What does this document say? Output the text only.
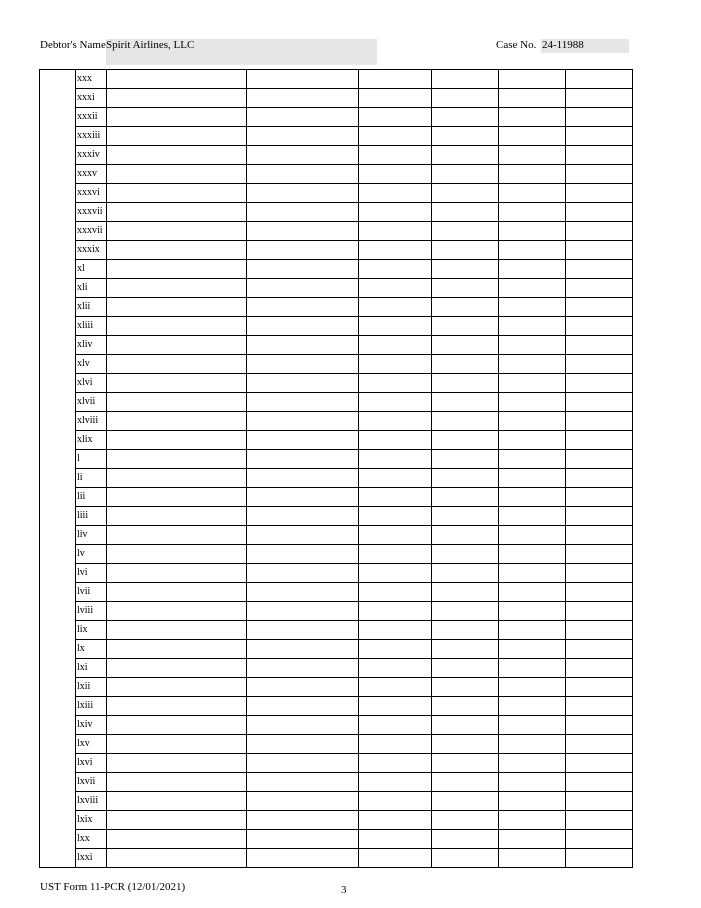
Debtor's Name Spirit Airlines, LLC	Case No. 24-11988
	xxx						
	xxxi						
	xxxii						
	xxxiii						
	xxxiv						
	xxxv						
	xxxvi						
	xxxvii						
	xxxvii						
	xxxix						
	xl						
	xli						
	xlii						
	xliii						
	xliv						
	xlv						
	xlvi						
	xlvii						
	xlviii						
	xlix						
	l						
	li						
	lii						
	liii						
	liv						
	lv						
	lvi						
	lvii						
	lviii						
	lix						
	lx						
	lxi						
	lxii						
	lxiii						
	lxiv						
	lxv						
	lxvi						
	lxvii						
	lxviii						
	lxix						
	lxx						
	lxxi						
UST Form 11-PCR (12/01/2021)	3
